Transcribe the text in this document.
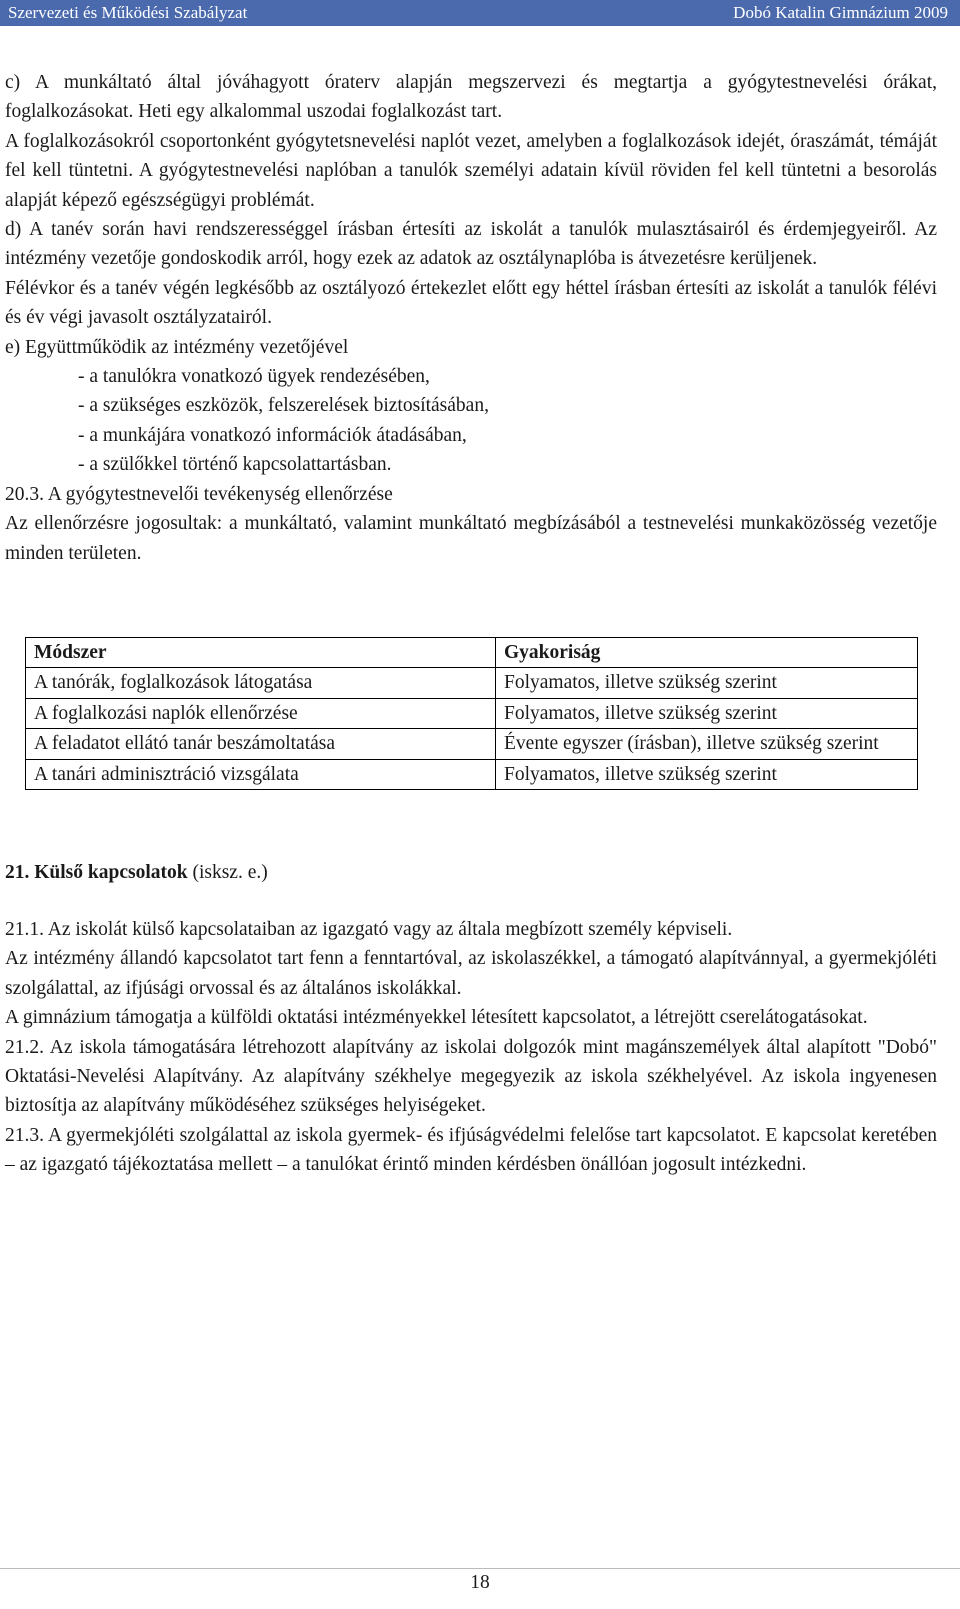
Szervezeti és Működési Szabályzat	Dobó Katalin Gimnázium 2009

c) A munkáltató által jóváhagyott óraterv alapján megszervezi és megtartja a gyógytestnevelési órákat, foglalkozásokat. Heti egy alkalommal uszodai foglalkozást tart.

A foglalkozásokról csoportonként gyógytetsnevelési naplót vezet, amelyben a foglalkozások idejét, óraszámát, témáját fel kell tüntetni. A gyógytestnevelési naplóban a tanulók személyi adatain kívül röviden fel kell tüntetni a besorolás alapját képező egészségügyi problémát.

d) A tanév során havi rendszerességgel írásban értesíti az iskolát a tanulók mulasztásairól és érdemjegyeiről. Az intézmény vezetője gondoskodik arról, hogy ezek az adatok az osztálynaplóba is átvezetésre kerüljenek.

Félévkor és a tanév végén legkésőbb az osztályozó értekezlet előtt egy héttel írásban értesíti az iskolát a tanulók félévi és év végi javasolt osztályzatairól.

e) Együttműködik az intézmény vezetőjével

- a tanulókra vonatkozó ügyek rendezésében,

- a szükséges eszközök, felszerelések biztosításában,

- a munkájára vonatkozó információk átadásában,

- a szülőkkel történő kapcsolattartásban.

20.3. A gyógytestnevelői tevékenység ellenőrzése

Az ellenőrzésre jogosultak: a munkáltató, valamint munkáltató megbízásából a testnevelési munkaközösség vezetője minden területen.

Módszer	Gyakoriság
A tanórák, foglalkozások látogatása	Folyamatos, illetve szükség szerint
A foglalkozási naplók ellenőrzése	Folyamatos, illetve szükség szerint
A feladatot ellátó tanár beszámoltatása	Évente egyszer (írásban), illetve szükség szerint
A tanári adminisztráció vizsgálata	Folyamatos, illetve szükség szerint
21. Külső kapcsolatok (isksz. e.)

21.1. Az iskolát külső kapcsolataiban az igazgató vagy az általa megbízott személy képviseli.

Az intézmény állandó kapcsolatot tart fenn a fenntartóval, az iskolaszékkel, a támogató alapítvánnyal, a gyermekjóléti szolgálattal, az ifjúsági orvossal és az általános iskolákkal.

A gimnázium támogatja a külföldi oktatási intézményekkel létesített kapcsolatot, a létrejött cserelátogatásokat.

21.2. Az iskola támogatására létrehozott alapítvány az iskolai dolgozók mint magánszemélyek által alapított "Dobó" Oktatási-Nevelési Alapítvány. Az alapítvány székhelye megegyezik az iskola székhelyével. Az iskola ingyenesen biztosítja az alapítvány működéséhez szükséges helyiségeket.

21.3. A gyermekjóléti szolgálattal az iskola gyermek- és ifjúságvédelmi felelőse tart kapcsolatot. E kapcsolat keretében – az igazgató tájékoztatása mellett – a tanulókat érintő minden kérdésben önállóan jogosult intézkedni.

18
